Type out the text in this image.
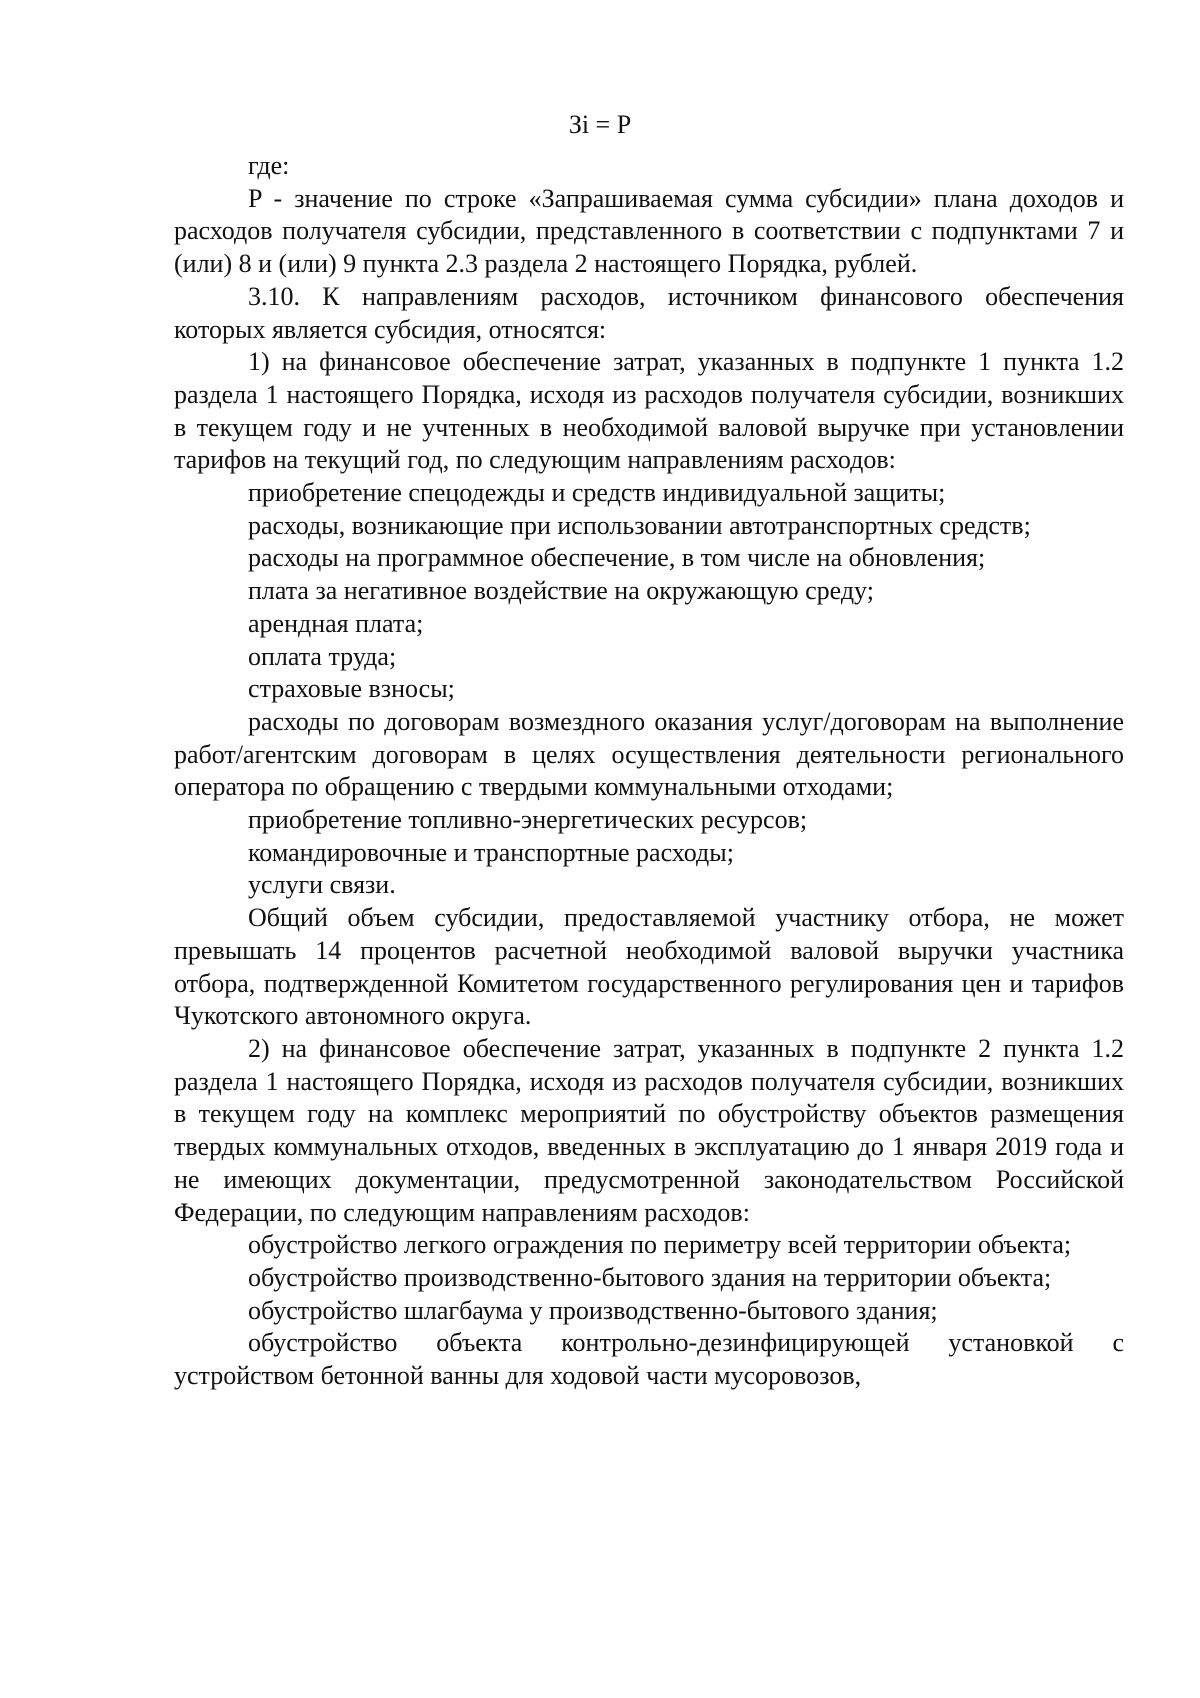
Зi = P

где:

P - значение по строке «Запрашиваемая сумма субсидии» плана доходов и расходов получателя субсидии, представленного в соответствии с подпунктами 7 и (или) 8 и (или) 9 пункта 2.3 раздела 2 настоящего Порядка, рублей.

3.10. К направлениям расходов, источником финансового обеспечения которых является субсидия, относятся:

1) на финансовое обеспечение затрат, указанных в подпункте 1 пункта 1.2 раздела 1 настоящего Порядка, исходя из расходов получателя субсидии, возникших в текущем году и не учтенных в необходимой валовой выручке при установлении тарифов на текущий год, по следующим направлениям расходов:

приобретение спецодежды и средств индивидуальной защиты;

расходы, возникающие при использовании автотранспортных средств;

расходы на программное обеспечение, в том числе на обновления;

плата за негативное воздействие на окружающую среду;

арендная плата;

оплата труда;

страховые взносы;

расходы по договорам возмездного оказания услуг/договорам на выполнение работ/агентским договорам в целях осуществления деятельности регионального оператора по обращению с твердыми коммунальными отходами;

приобретение топливно-энергетических ресурсов;

командировочные и транспортные расходы;

услуги связи.

Общий объем субсидии, предоставляемой участнику отбора, не может превышать 14 процентов расчетной необходимой валовой выручки участника отбора, подтвержденной Комитетом государственного регулирования цен и тарифов Чукотского автономного округа.

2) на финансовое обеспечение затрат, указанных в подпункте 2 пункта 1.2 раздела 1 настоящего Порядка, исходя из расходов получателя субсидии, возникших в текущем году на комплекс мероприятий по обустройству объектов размещения твердых коммунальных отходов, введенных в эксплуатацию до 1 января 2019 года и не имеющих документации, предусмотренной законодательством Российской Федерации, по следующим направлениям расходов:

обустройство легкого ограждения по периметру всей территории объекта;

обустройство производственно-бытового здания на территории объекта;

обустройство шлагбаума у производственно-бытового здания;

обустройство объекта контрольно-дезинфицирующей установкой с устройством бетонной ванны для ходовой части мусоровозов,
